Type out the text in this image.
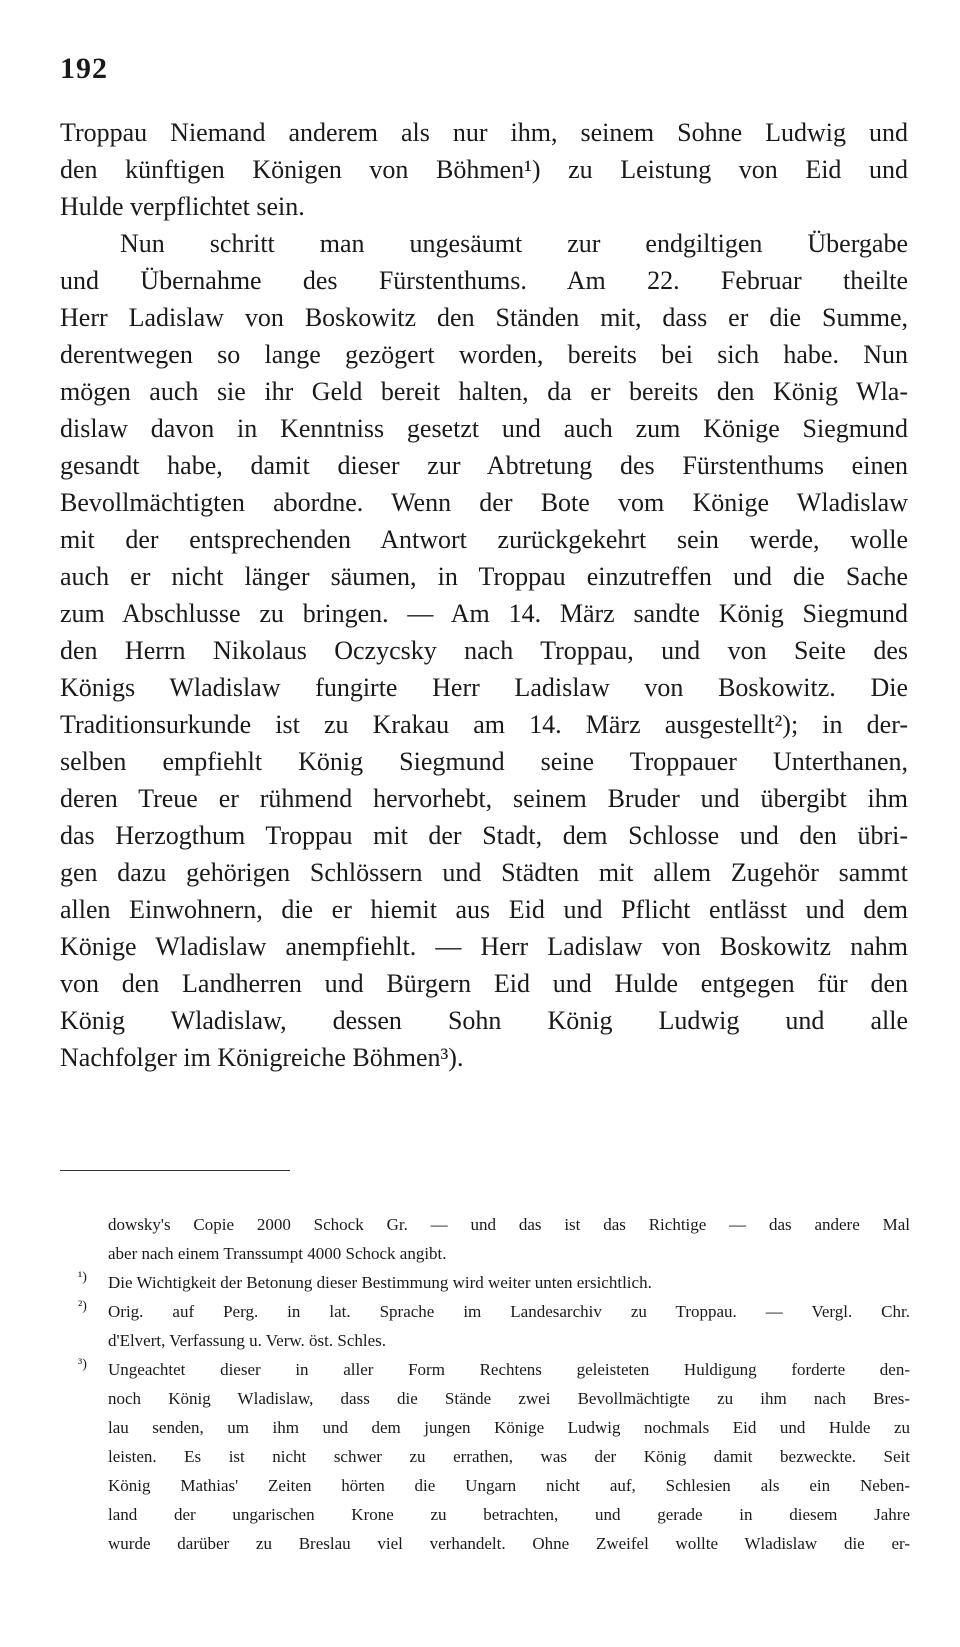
192
Troppau Niemand anderem als nur ihm, seinem Sohne Ludwig und
den künftigen Königen von Böhmen¹) zu Leistung von Eid und
Hulde verpflichtet sein.
Nun schritt man ungesäumt zur endgiltigen Übergabe
und Übernahme des Fürstenthums. Am 22. Februar theilte
Herr Ladislaw von Boskowitz den Ständen mit, dass er die Summe,
derentwegen so lange gezögert worden, bereits bei sich habe. Nun
mögen auch sie ihr Geld bereit halten, da er bereits den König Wla-
dislaw davon in Kenntniss gesetzt und auch zum Könige Siegmund
gesandt habe, damit dieser zur Abtretung des Fürstenthums einen
Bevollmächtigten abordne. Wenn der Bote vom Könige Wladislaw
mit der entsprechenden Antwort zurückgekehrt sein werde, wolle
auch er nicht länger säumen, in Troppau einzutreffen und die Sache
zum Abschlusse zu bringen. — Am 14. März sandte König Siegmund
den Herrn Nikolaus Oczycsky nach Troppau, und von Seite des
Königs Wladislaw fungirte Herr Ladislaw von Boskowitz. Die
Traditionsurkunde ist zu Krakau am 14. März ausgestellt²); in der-
selben empfiehlt König Siegmund seine Troppauer Unterthanen,
deren Treue er rühmend hervorhebt, seinem Bruder und übergibt ihm
das Herzogthum Troppau mit der Stadt, dem Schlosse und den übri-
gen dazu gehörigen Schlössern und Städten mit allem Zugehör sammt
allen Einwohnern, die er hiemit aus Eid und Pflicht entlässt und dem
Könige Wladislaw anempfiehlt. — Herr Ladislaw von Boskowitz nahm
von den Landherren und Bürgern Eid und Hulde entgegen für den
König Wladislaw, dessen Sohn König Ludwig und alle
Nachfolger im Königreiche Böhmen³).
dowsky's Copie 2000 Schock Gr. — und das ist das Richtige — das andere Mal
aber nach einem Transsumpt 4000 Schock angibt.
¹) Die Wichtigkeit der Betonung dieser Bestimmung wird weiter unten ersichtlich.
²) Orig. auf Perg. in lat. Sprache im Landesarchiv zu Troppau. — Vergl. Chr.
d'Elvert, Verfassung u. Verw. öst. Schles.
³) Ungeachtet dieser in aller Form Rechtens geleisteten Huldigung forderte den-
noch König Wladislaw, dass die Stände zwei Bevollmächtigte zu ihm nach Bres-
lau senden, um ihm und dem jungen Könige Ludwig nochmals Eid und Hulde zu
leisten. Es ist nicht schwer zu errathen, was der König damit bezweckte. Seit
König Mathias' Zeiten hörten die Ungarn nicht auf, Schlesien als ein Neben-
land der ungarischen Krone zu betrachten, und gerade in diesem Jahre
wurde darüber zu Breslau viel verhandelt. Ohne Zweifel wollte Wladislaw die er-
